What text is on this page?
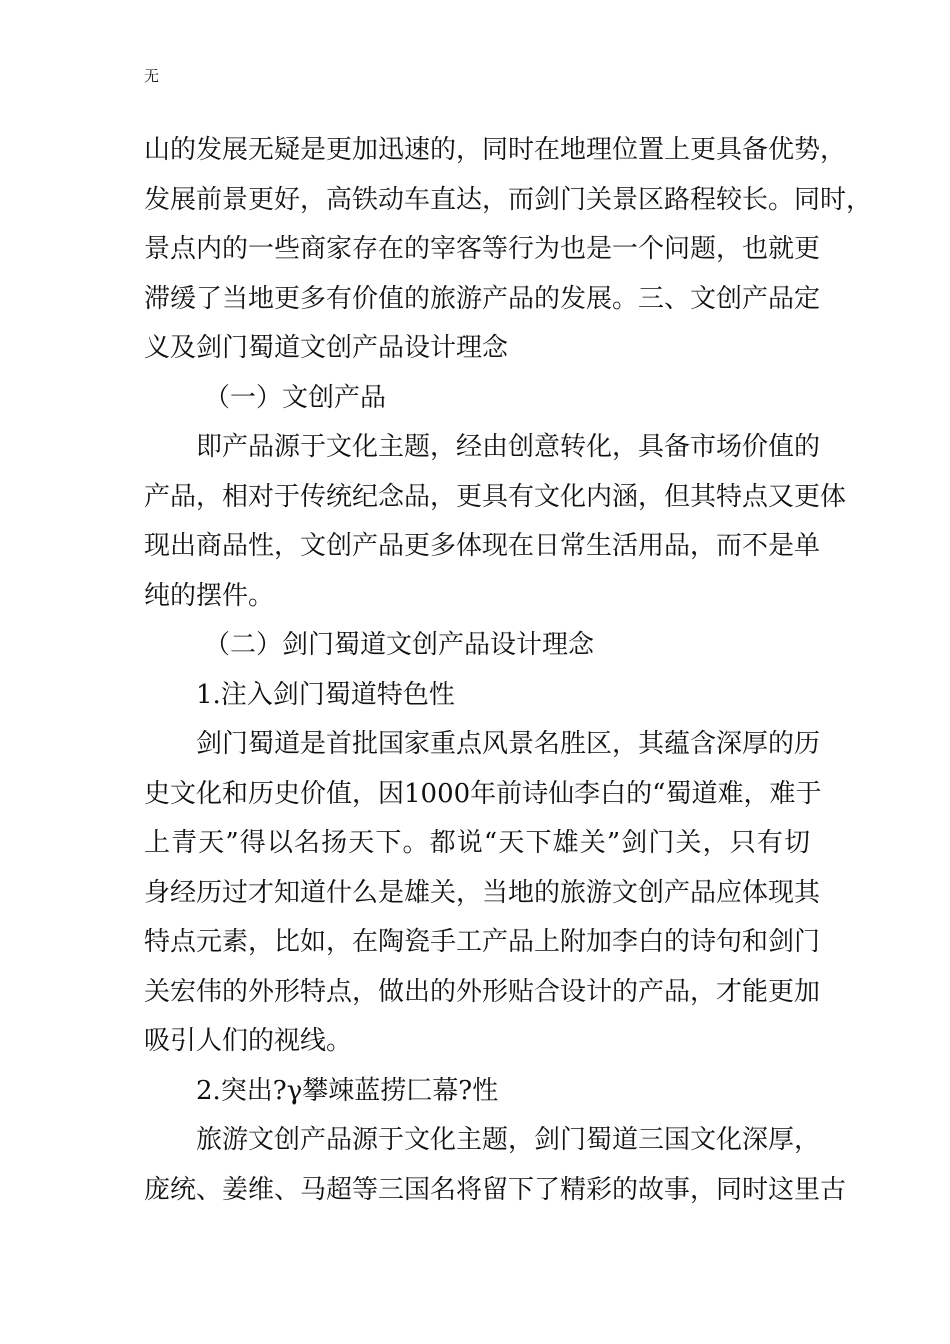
无
山的发展无疑是更加迅速的，同时在地理位置上更具备优势，
发展前景更好，高铁动车直达，而剑门关景区路程较长。同时，
景点内的一些商家存在的宰客等行为也是一个问题，也就更
滞缓了当地更多有价值的旅游产品的发展。三、文创产品定
义及剑门蜀道文创产品设计理念
（一）文创产品
即产品源于文化主题，经由创意转化，具备市场价值的
产品，相对于传统纪念品，更具有文化内涵，但其特点又更体
现出商品性，文创产品更多体现在日常生活用品，而不是单
纯的摆件。
（二）剑门蜀道文创产品设计理念
1.注入剑门蜀道特色性
剑门蜀道是首批国家重点风景名胜区，其蕴含深厚的历
史文化和历史价值，因1000年前诗仙李白的“蜀道难，难于
上青天”得以名扬天下。都说“天下雄关”剑门关，只有切
身经历过才知道什么是雄关，当地的旅游文创产品应体现其
特点元素，比如，在陶瓷手工产品上附加李白的诗句和剑门
关宏伟的外形特点，做出的外形贴合设计的产品，才能更加
吸引人们的视线。
2.突出?γ攀竦蓝捞匚幕?性
旅游文创产品源于文化主题，剑门蜀道三国文化深厚，
庞统、姜维、马超等三国名将留下了精彩的故事，同时这里古
